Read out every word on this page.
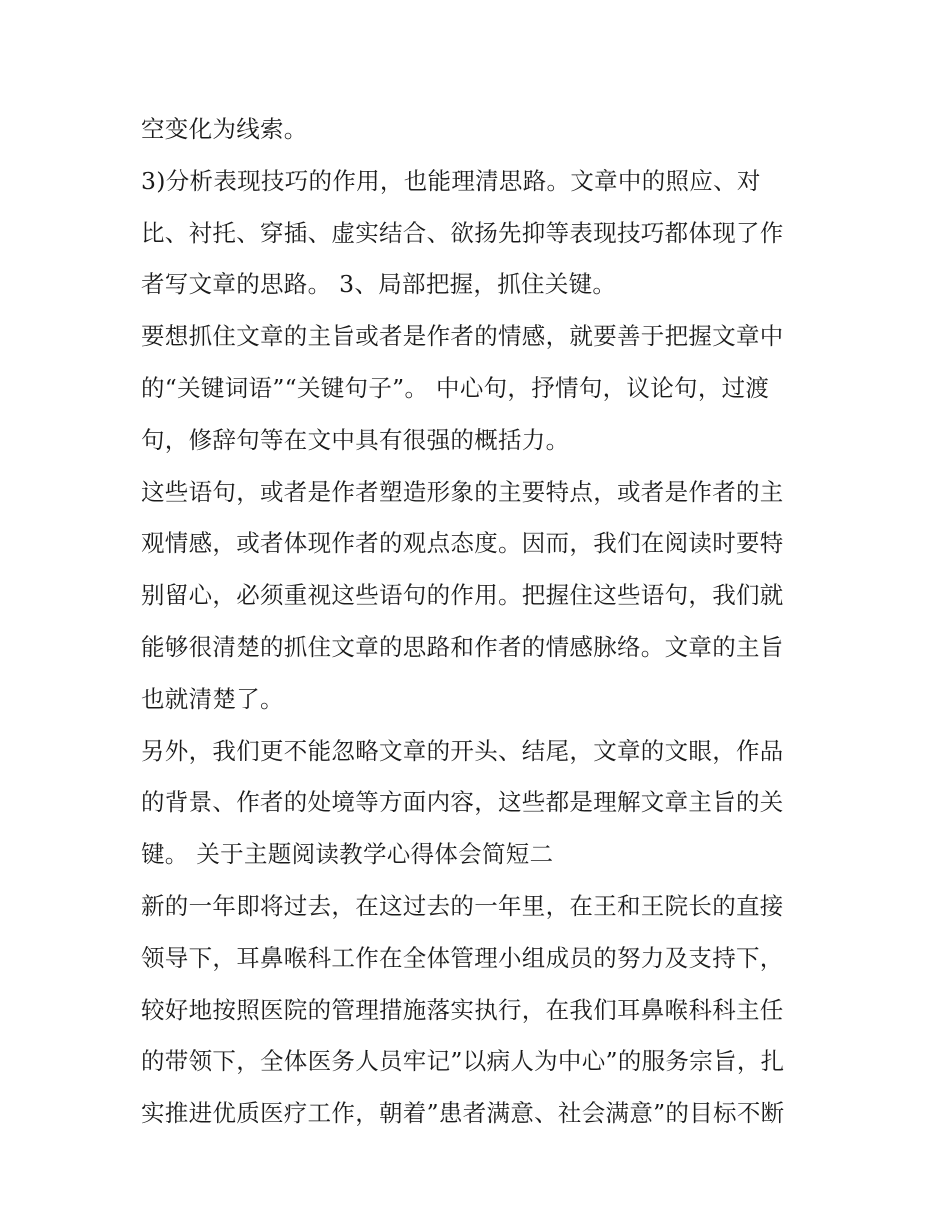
空变化为线索。
3)分析表现技巧的作用，也能理清思路。文章中的照应、对
比、衬托、穿插、虚实结合、欲扬先抑等表现技巧都体现了作
者写文章的思路。 3、局部把握，抓住关键。
要想抓住文章的主旨或者是作者的情感，就要善于把握文章中
的“关键词语”“关键句子”。 中心句，抒情句，议论句，过渡
句，修辞句等在文中具有很强的概括力。
这些语句，或者是作者塑造形象的主要特点，或者是作者的主
观情感，或者体现作者的观点态度。因而，我们在阅读时要特
别留心，必须重视这些语句的作用。把握住这些语句，我们就
能够很清楚的抓住文章的思路和作者的情感脉络。文章的主旨
也就清楚了。
另外，我们更不能忽略文章的开头、结尾，文章的文眼，作品
的背景、作者的处境等方面内容，这些都是理解文章主旨的关
键。 关于主题阅读教学心得体会简短二
新的一年即将过去，在这过去的一年里，在王和王院长的直接
领导下，耳鼻喉科工作在全体管理小组成员的努力及支持下，
较好地按照医院的管理措施落实执行，在我们耳鼻喉科科主任
的带领下，全体医务人员牢记”以病人为中心”的服务宗旨，扎
实推进优质医疗工作，朝着”患者满意、社会满意”的目标不断
